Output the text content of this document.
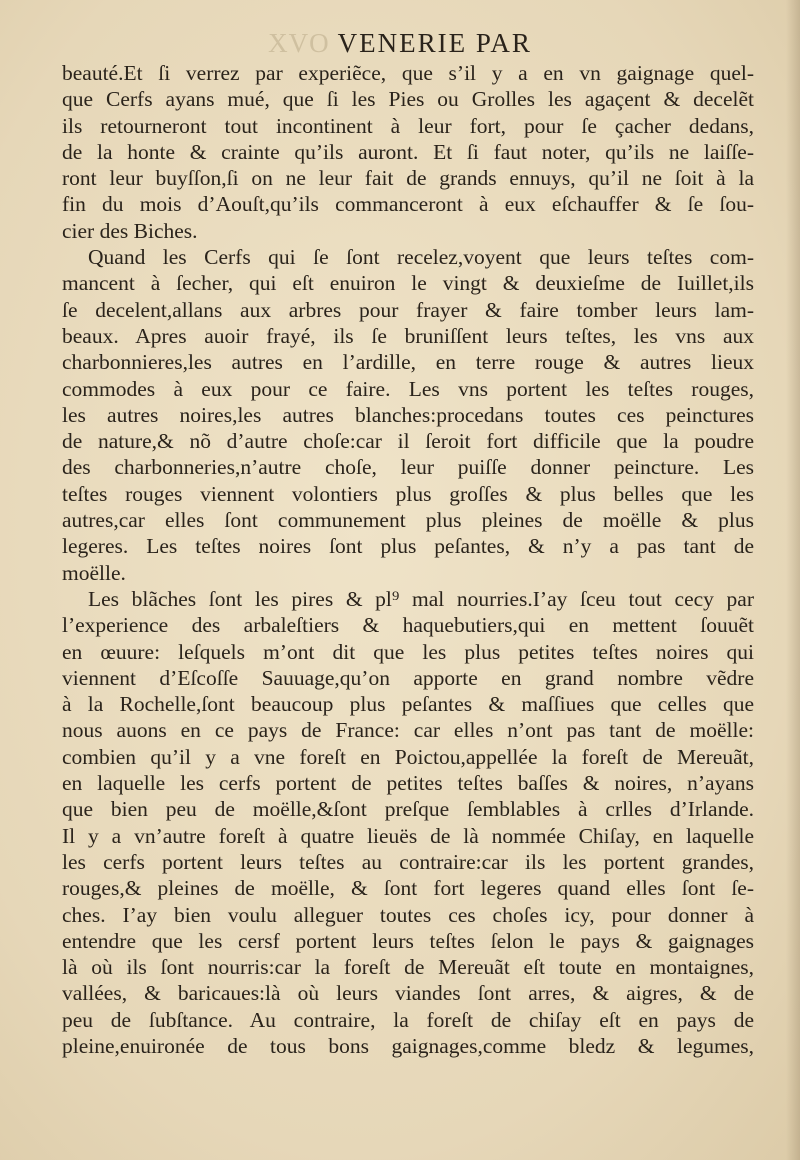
XVO VENERIE PAR
beauté.Et ſi verrez par experiẽce, que s’il y a en vn gaignage quel-
que Cerfs ayans mué, que ſi les Pies ou Grolles les agaçent & decelẽt
ils retourneront tout incontinent à leur fort, pour ſe çacher dedans,
de la honte & crainte qu’ils auront. Et ſi faut noter, qu’ils ne laiſſe-
ront leur buyſſon,ſi on ne leur fait de grands ennuys, qu’il ne ſoit à la
fin du mois d’Aouſt,qu’ils commanceront à eux eſchauffer & ſe ſou-
cier des Biches.
Quand les Cerfs qui ſe ſont recelez,voyent que leurs teſtes com-
mancent à ſecher, qui eſt enuiron le vingt & deuxieſme de Iuillet,ils
ſe decelent,allans aux arbres pour frayer & faire tomber leurs lam-
beaux. Apres auoir frayé, ils ſe bruniſſent leurs teſtes, les vns aux
charbonnieres,les autres en l’ardille, en terre rouge & autres lieux
commodes à eux pour ce faire. Les vns portent les teſtes rouges,
les autres noires,les autres blanches:procedans toutes ces peinctures
de nature,& nõ d’autre choſe:car il ſeroit fort difficile que la poudre
des charbonneries,n’autre choſe, leur puiſſe donner peincture. Les
teſtes rouges viennent volontiers plus groſſes & plus belles que les
autres,car elles ſont communement plus pleines de moëlle & plus
legeres. Les teſtes noires ſont plus peſantes, & n’y a pas tant de
moëlle.
Les blãches ſont les pires & pl⁹ mal nourries.I’ay ſceu tout cecy par
l’experience des arbaleſtiers & haquebutiers,qui en mettent ſouuẽt
en œuure: leſquels m’ont dit que les plus petites teſtes noires qui
viennent d’Eſcoſſe Sauuage,qu’on apporte en grand nombre vẽdre
à la Rochelle,ſont beaucoup plus peſantes & maſſiues que celles que
nous auons en ce pays de France: car elles n’ont pas tant de moëlle:
combien qu’il y a vne foreſt en Poictou,appellée la foreſt de Mereuãt,
en laquelle les cerfs portent de petites teſtes baſſes & noires, n’ayans
que bien peu de moëlle,&ſont preſque ſemblables à crlles d’Irlande.
Il y a vn’autre foreſt à quatre lieuës de là nommée Chiſay, en laquelle
les cerfs portent leurs teſtes au contraire:car ils les portent grandes,
rouges,& pleines de moëlle, & ſont fort legeres quand elles ſont ſe-
ches. I’ay bien voulu alleguer toutes ces choſes icy, pour donner à
entendre que les cersf portent leurs teſtes ſelon le pays & gaignages
là où ils ſont nourris:car la foreſt de Mereuãt eſt toute en montaignes,
vallées, & baricaues:là où leurs viandes ſont arres, & aigres, & de
peu de ſubſtance. Au contraire, la foreſt de chiſay eſt en pays de
pleine,enuironée de tous bons gaignages,comme bledz & legumes,
